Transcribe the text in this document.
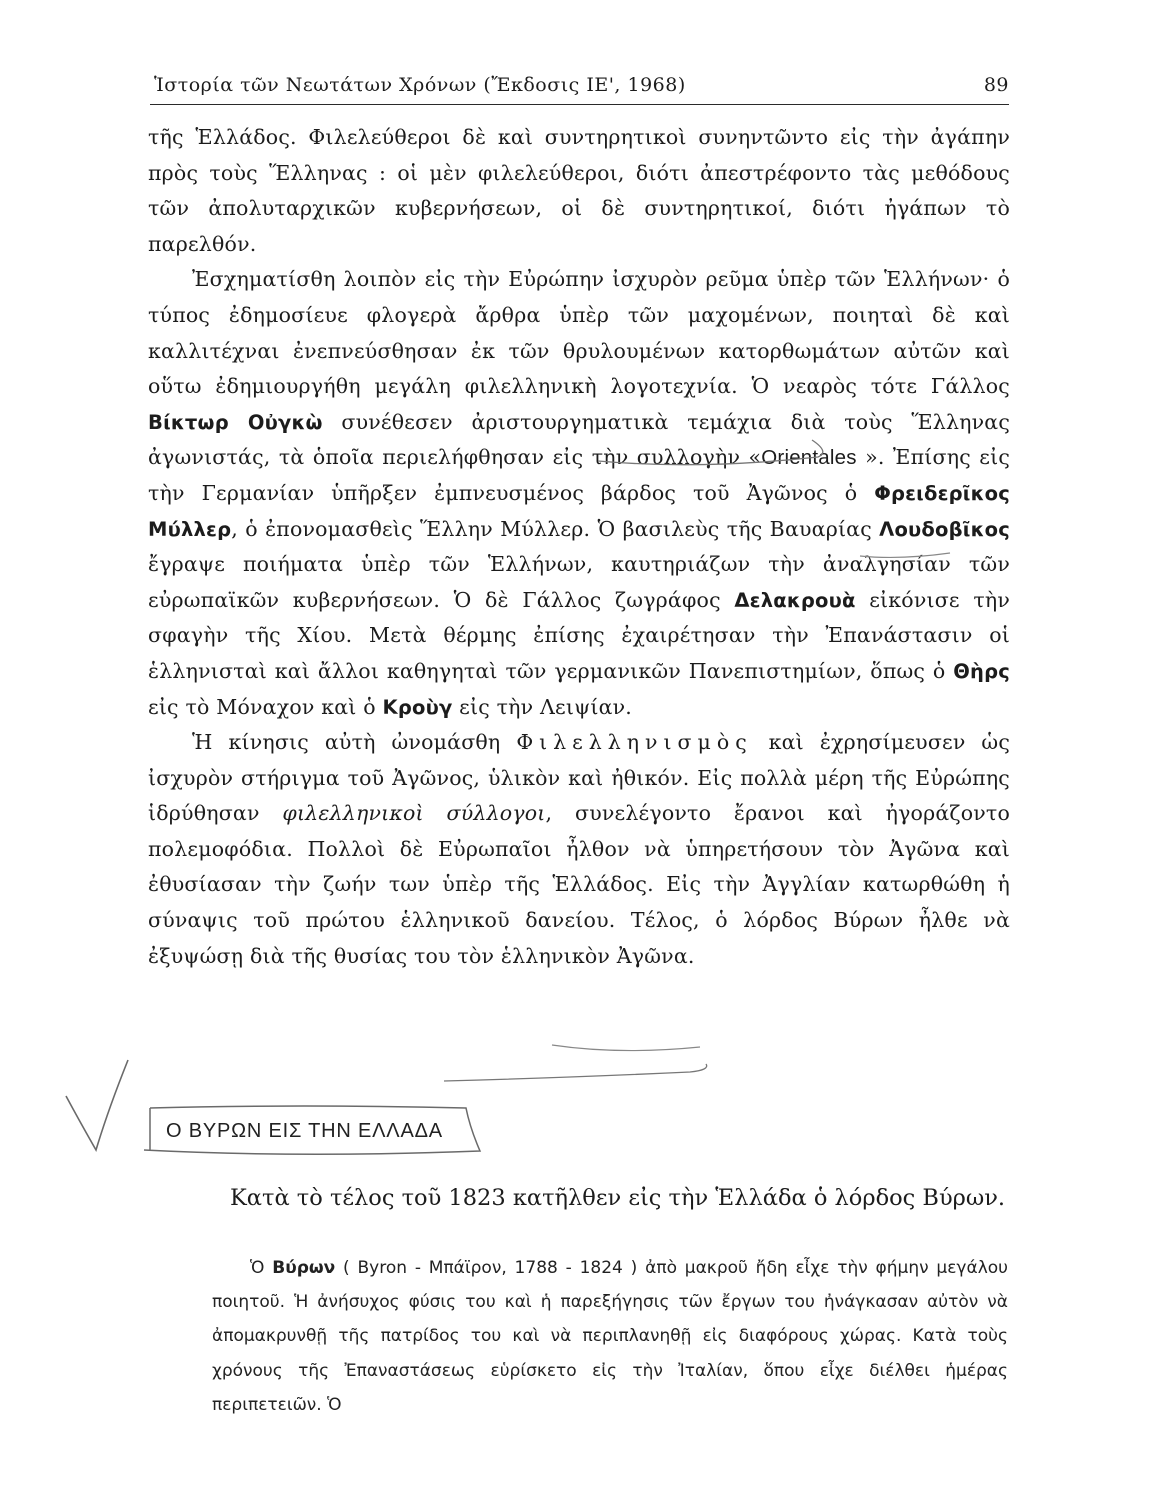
Ἱστορία τῶν Νεωτάτων Χρόνων (Ἔκδοσις ΙΕ', 1968)	89

τῆς Ἑλλάδος. Φιλελεύθεροι δὲ καὶ συντηρητικοὶ συνηντῶντο εἰς τὴν ἀγάπην πρὸς τοὺς Ἕλληνας : οἱ μὲν φιλελεύθεροι, διότι ἀπεστρέφοντο τὰς μεθόδους τῶν ἀπολυταρχικῶν κυβερνήσεων, οἱ δὲ συντηρητικοί, διότι ἠγάπων τὸ παρελθόν.

Ἐσχηματίσθη λοιπὸν εἰς τὴν Εὐρώπην ἰσχυρὸν ρεῦμα ὑπὲρ τῶν Ἑλλήνων· ὁ τύπος ἐδημοσίευε φλογερὰ ἄρθρα ὑπὲρ τῶν μαχομένων, ποιηταὶ δὲ καὶ καλλιτέχναι ἐνεπνεύσθησαν ἐκ τῶν θρυλουμένων κατορθωμάτων αὐτῶν καὶ οὕτω ἐδημιουργήθη μεγάλη φιλελληνικὴ λογοτεχνία. Ὁ νεαρὸς τότε Γάλλος Βίκτωρ Οὐγκὼ συνέθεσεν ἀριστουργηματικὰ τεμάχια διὰ τοὺς Ἕλληνας ἀγωνιστάς, τὰ ὁποῖα περιελήφθησαν εἰς τὴν συλλογὴν «Orientales ». Ἐπίσης εἰς τὴν Γερμανίαν ὑπῆρξεν ἐμπνευσμένος βάρδος τοῦ Ἀγῶνος ὁ Φρειδερῖκος Μύλλερ, ὁ ἐπονομασθεὶς Ἕλλην Μύλλερ. Ὁ βασιλεὺς τῆς Βαυαρίας Λουδοβῖκος ἔγραψε ποιήματα ὑπὲρ τῶν Ἑλλήνων, καυτηριάζων τὴν ἀναλγησίαν τῶν εὐρωπαϊκῶν κυβερνήσεων. Ὁ δὲ Γάλλος ζωγράφος Δελακρουὰ εἰκόνισε τὴν σφαγὴν τῆς Χίου. Μετὰ θέρμης ἐπίσης ἐχαιρέτησαν τὴν Ἐπανάστασιν οἱ ἑλληνισταὶ καὶ ἄλλοι καθηγηταὶ τῶν γερμανικῶν Πανεπιστημίων, ὅπως ὁ Θὴρς εἰς τὸ Μόναχον καὶ ὁ Κροὺγ εἰς τὴν Λειψίαν.

Ἡ κίνησις αὐτὴ ὠνομάσθη Φιλελληνισμὸς καὶ ἐχρησίμευσεν ὡς ἰσχυρὸν στήριγμα τοῦ Ἀγῶνος, ὑλικὸν καὶ ἠθικόν. Εἰς πολλὰ μέρη τῆς Εὐρώπης ἱδρύθησαν φιλελληνικοὶ σύλλογοι, συνελέγοντο ἔρανοι καὶ ἠγοράζοντο πολεμοφόδια. Πολλοὶ δὲ Εὐρωπαῖοι ἦλθον νὰ ὑπηρετήσουν τὸν Ἀγῶνα καὶ ἐθυσίασαν τὴν ζωήν των ὑπὲρ τῆς Ἑλλάδος. Εἰς τὴν Ἀγγλίαν κατωρθώθη ἡ σύναψις τοῦ πρώτου ἑλληνικοῦ δανείου. Τέλος, ὁ λόρδος Βύρων ἦλθε νὰ ἐξυψώσῃ διὰ τῆς θυσίας του τὸν ἑλληνικὸν Ἀγῶνα.

Ο ΒΥΡΩΝ ΕΙΣ ΤΗΝ ΕΛΛΑΔΑ

Κατὰ τὸ τέλος τοῦ 1823 κατῆλθεν εἰς τὴν Ἑλλάδα ὁ λόρδος Βύρων.

Ὁ Βύρων ( Byron - Μπάϊρον, 1788 - 1824 ) ἀπὸ μακροῦ ἤδη εἶχε τὴν φήμην μεγάλου ποιητοῦ. Ἡ ἀνήσυχος φύσις του καὶ ἡ παρεξήγησις τῶν ἔργων του ἠνάγκασαν αὐτὸν νὰ ἀπομακρυνθῇ τῆς πατρίδος του καὶ νὰ περιπλανηθῇ εἰς διαφόρους χώρας. Κατὰ τοὺς χρόνους τῆς Ἐπαναστάσεως εὑρίσκετο εἰς τὴν Ἰταλίαν, ὅπου εἶχε διέλθει ἡμέρας περιπετειῶν. Ὁ
